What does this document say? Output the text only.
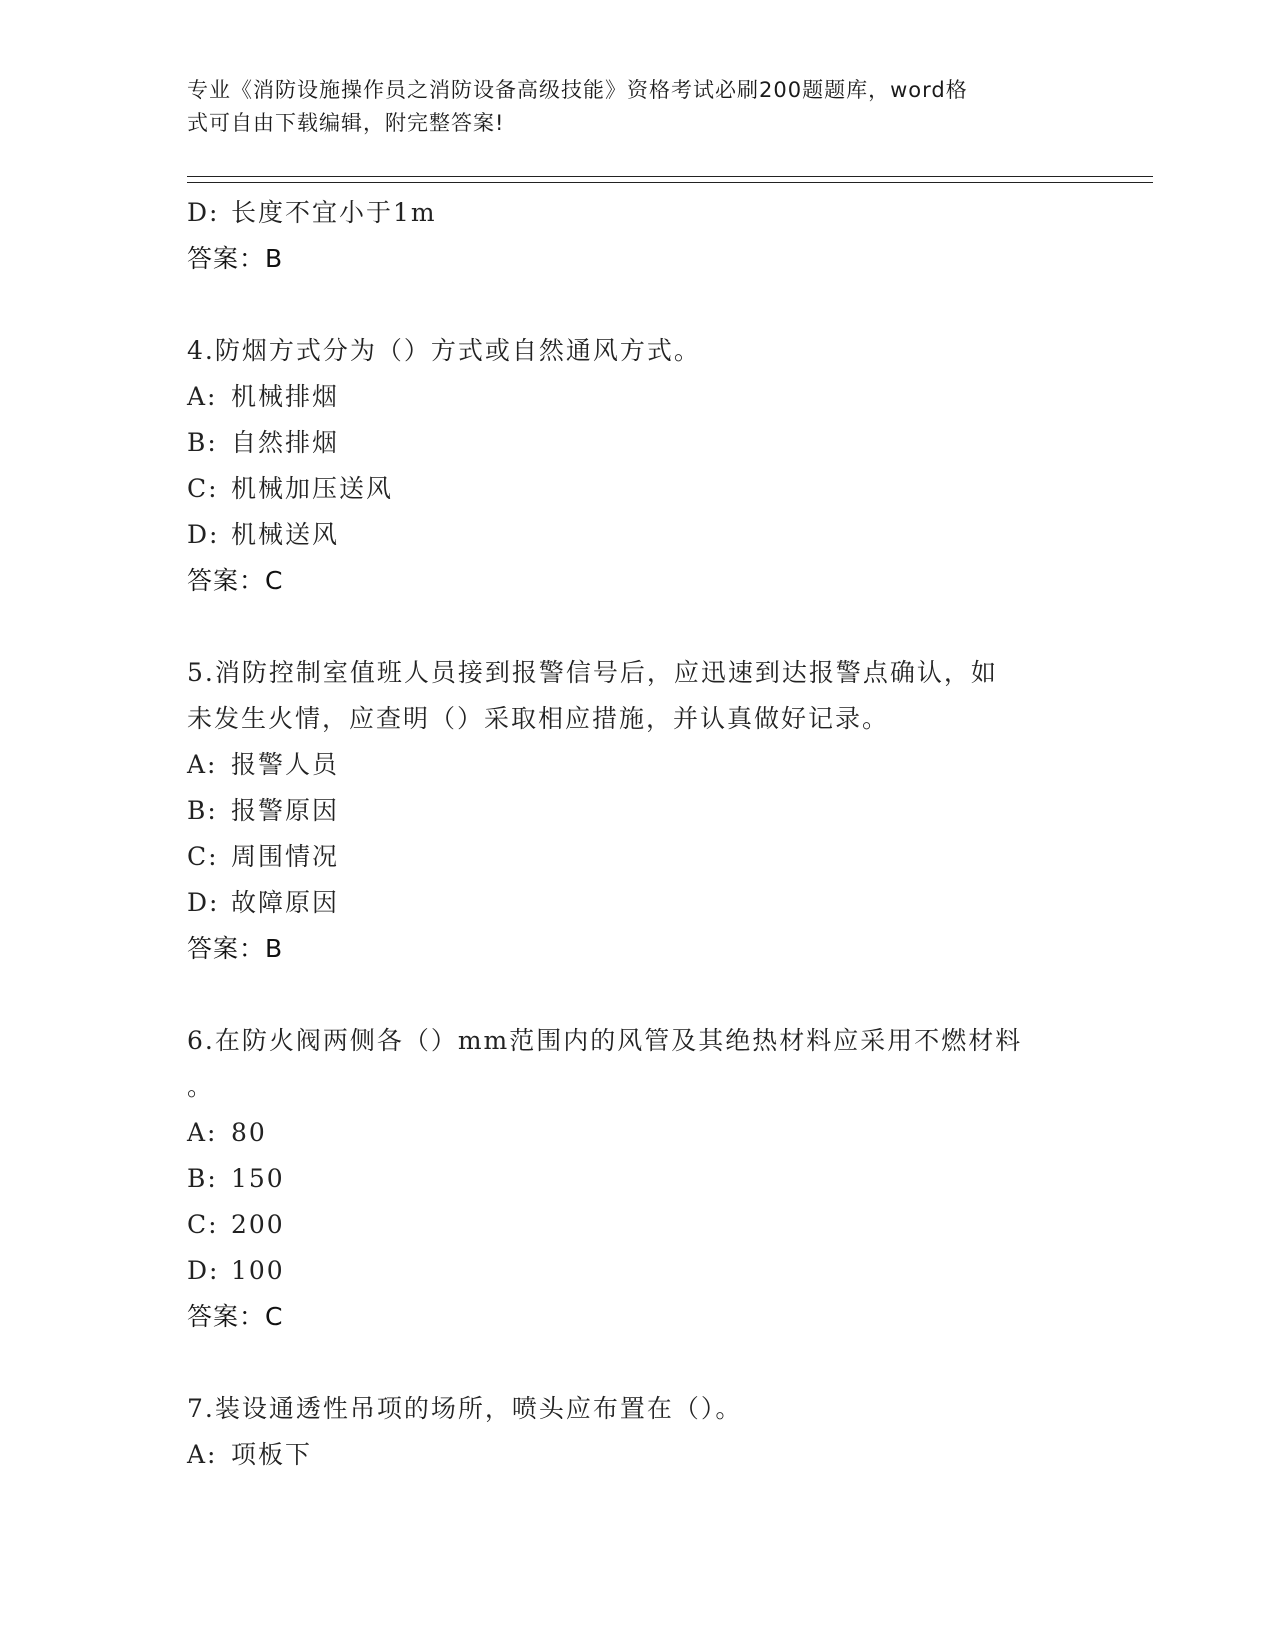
专业《消防设施操作员之消防设备高级技能》资格考试必刷200题题库，word格
式可自由下载编辑，附完整答案!
D: 长度不宜小于1m
答案：B
4.防烟方式分为（）方式或自然通风方式。
A: 机械排烟
B: 自然排烟
C: 机械加压送风
D: 机械送风
答案：C
5.消防控制室值班人员接到报警信号后，应迅速到达报警点确认，如
未发生火情，应查明（）采取相应措施，并认真做好记录。
A: 报警人员
B: 报警原因
C: 周围情况
D: 故障原因
答案：B
6.在防火阀两侧各（）mm范围内的风管及其绝热材料应采用不燃材料
。
A: 80
B: 150
C: 200
D: 100
答案：C
7.装设通透性吊项的场所，喷头应布置在（）。
A: 项板下
